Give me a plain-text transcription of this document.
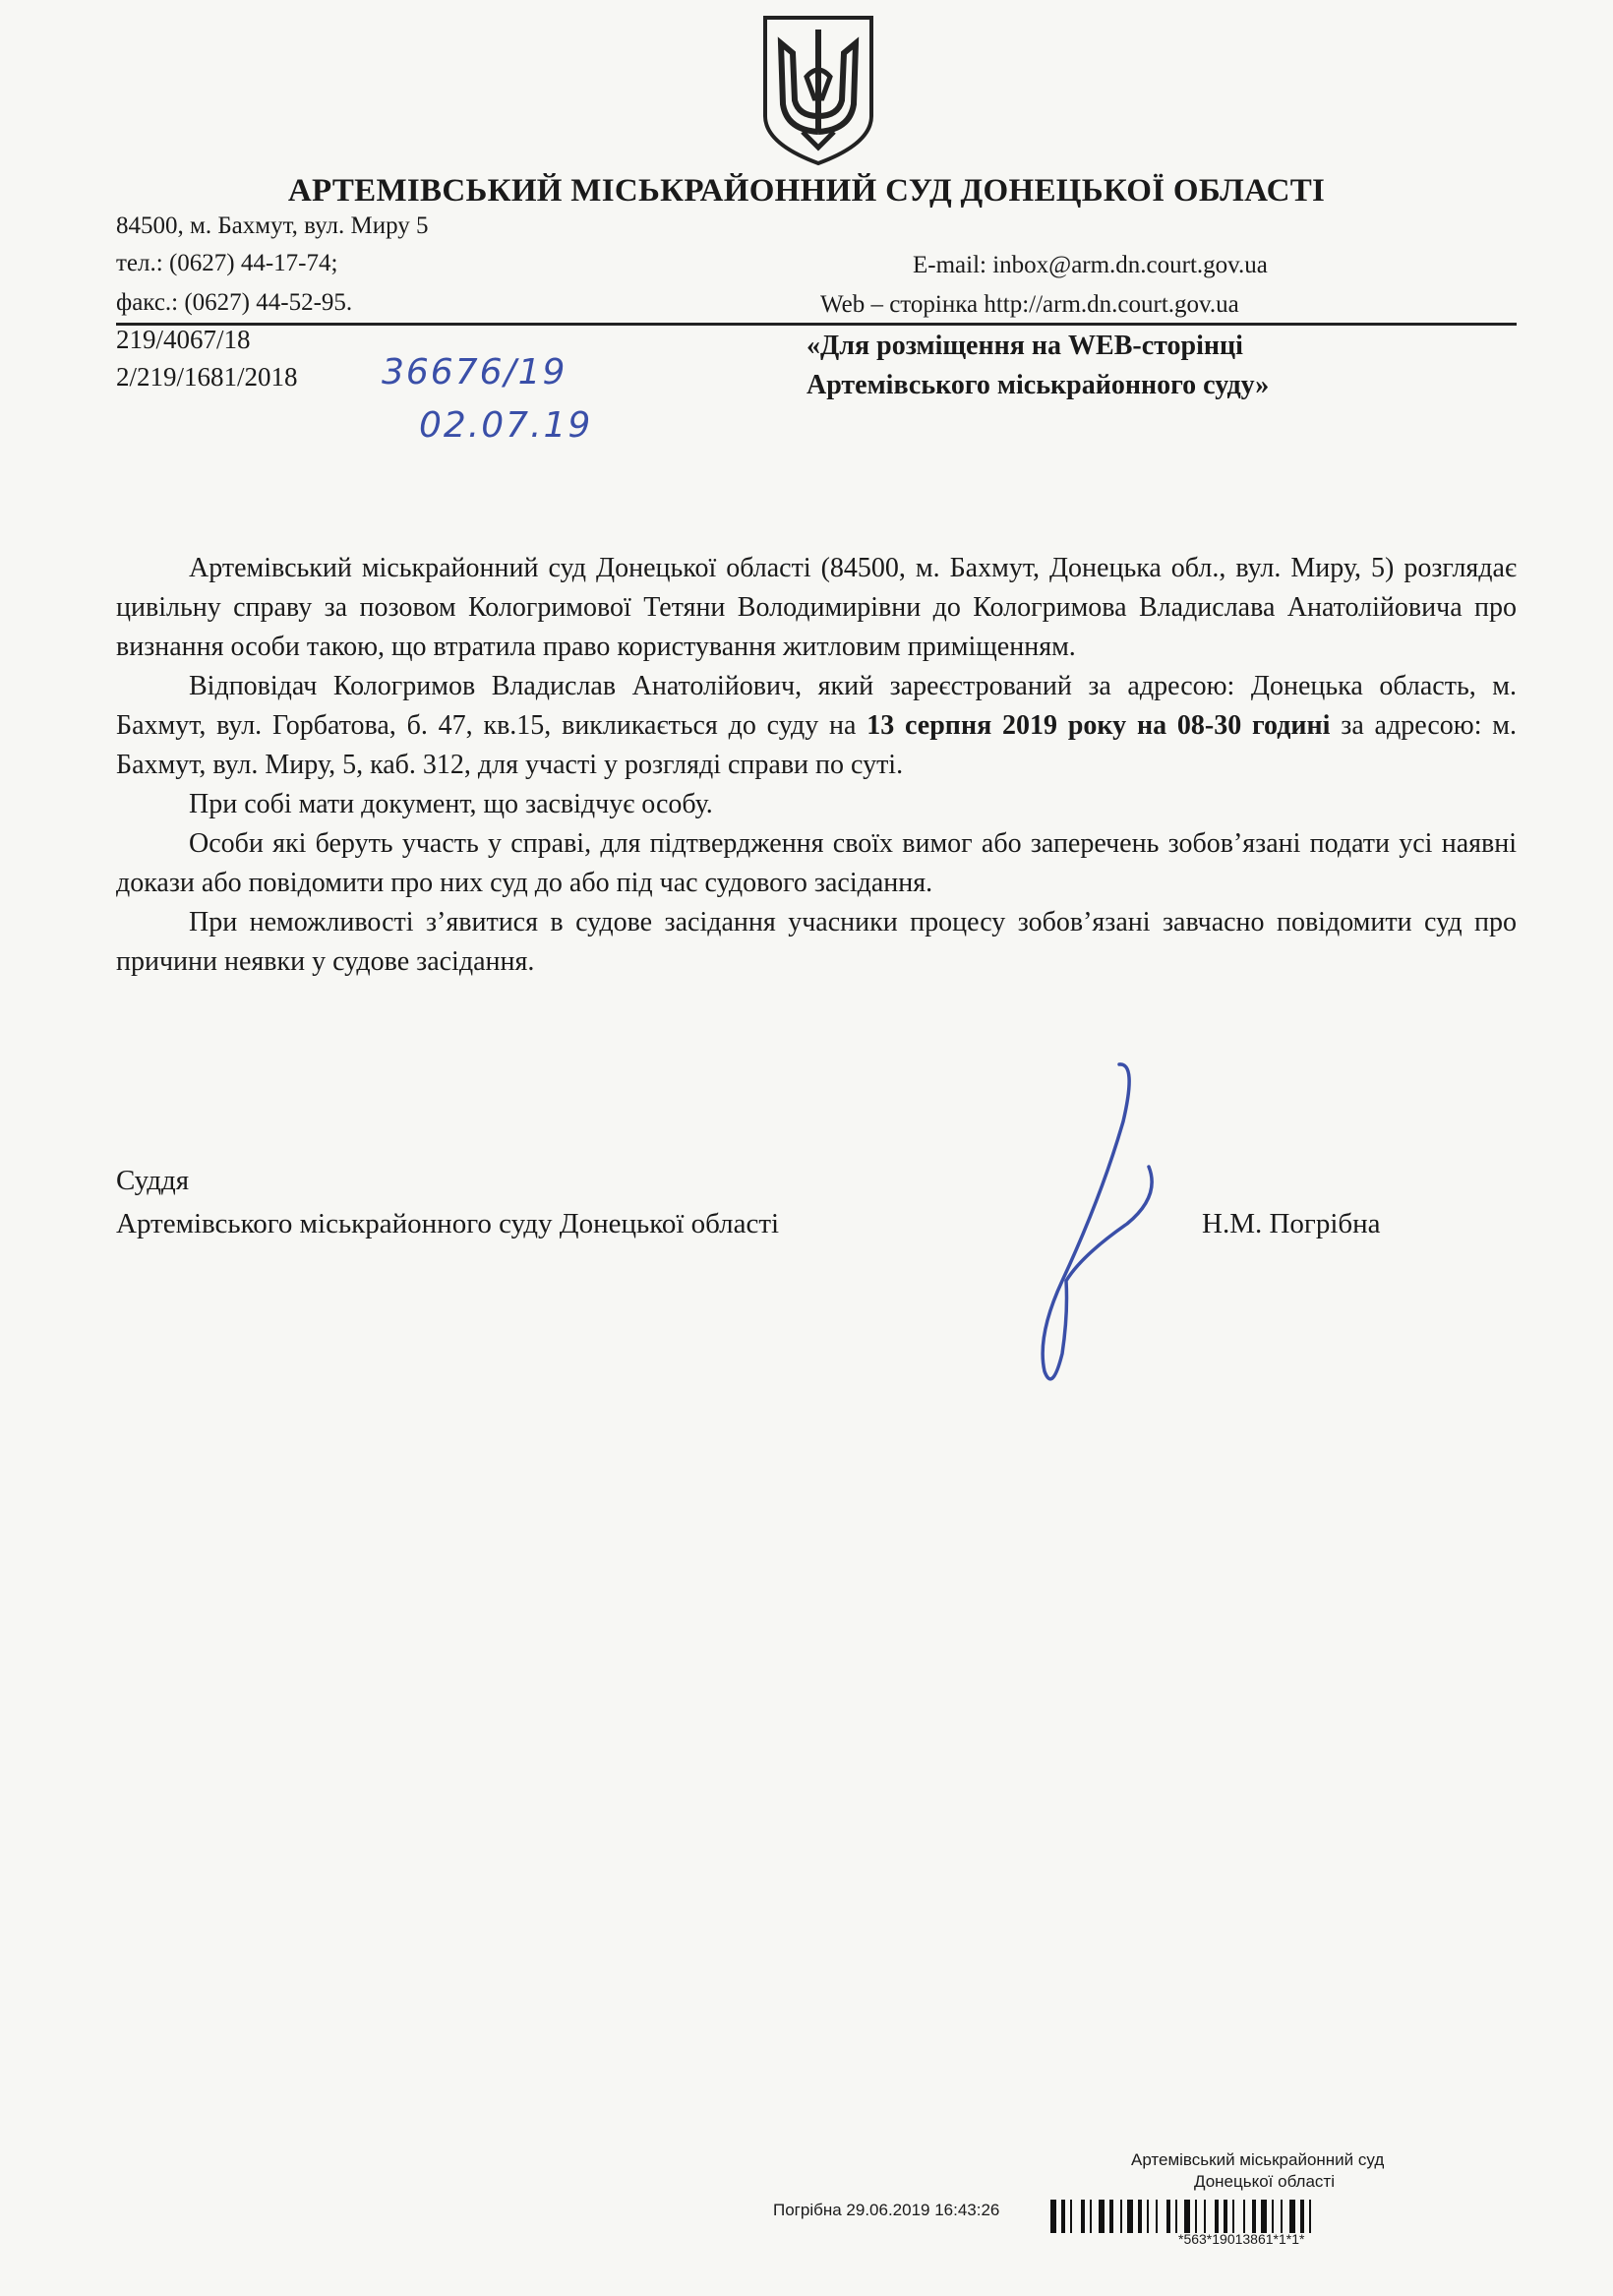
АРТЕМІВСЬКИЙ МІСЬКРАЙОННИЙ СУД ДОНЕЦЬКОЇ ОБЛАСТІ
84500, м. Бахмут, вул. Миру 5
тел.: (0627) 44-17-74;
факс.: (0627) 44-52-95.
E-mail: inbox@arm.dn.court.gov.ua
Web – сторінка http://arm.dn.court.gov.ua
219/4067/18
2/219/1681/2018 36676/19
02.07.19
«Для розміщення на WEB-сторінці
Артемівського міськрайонного суду»

Артемівський міськрайонний суд Донецької області (84500, м. Бахмут, Донецька обл., вул. Миру, 5) розглядає цивільну справу за позовом Кологримової Тетяни Володимирівни до Кологримова Владислава Анатолійовича про визнання особи такою, що втратила право користування житловим приміщенням.

Відповідач Кологримов Владислав Анатолійович, який зареєстрований за адресою: Донецька область, м. Бахмут, вул. Горбатова, б. 47, кв.15, викликається до суду на 13 серпня 2019 року на 08-30 годині за адресою: м. Бахмут, вул. Миру, 5, каб. 312, для участі у розгляді справи по суті.

При собі мати документ, що засвідчує особу.

Особи які беруть участь у справі, для підтвердження своїх вимог або заперечень зобов’язані подати усі наявні докази або повідомити про них суд до або під час судового засідання.

При неможливості з’явитися в судове засідання учасники процесу зобов’язані завчасно повідомити суд про причини неявки у судове засідання.

Суддя
Артемівського міськрайонного суду Донецької області	Н.М. Погрібна
Артемівський міськрайонний суд
Донецької області
Погрібна 29.06.2019 16:43:26
*563*19013861*1*1*
